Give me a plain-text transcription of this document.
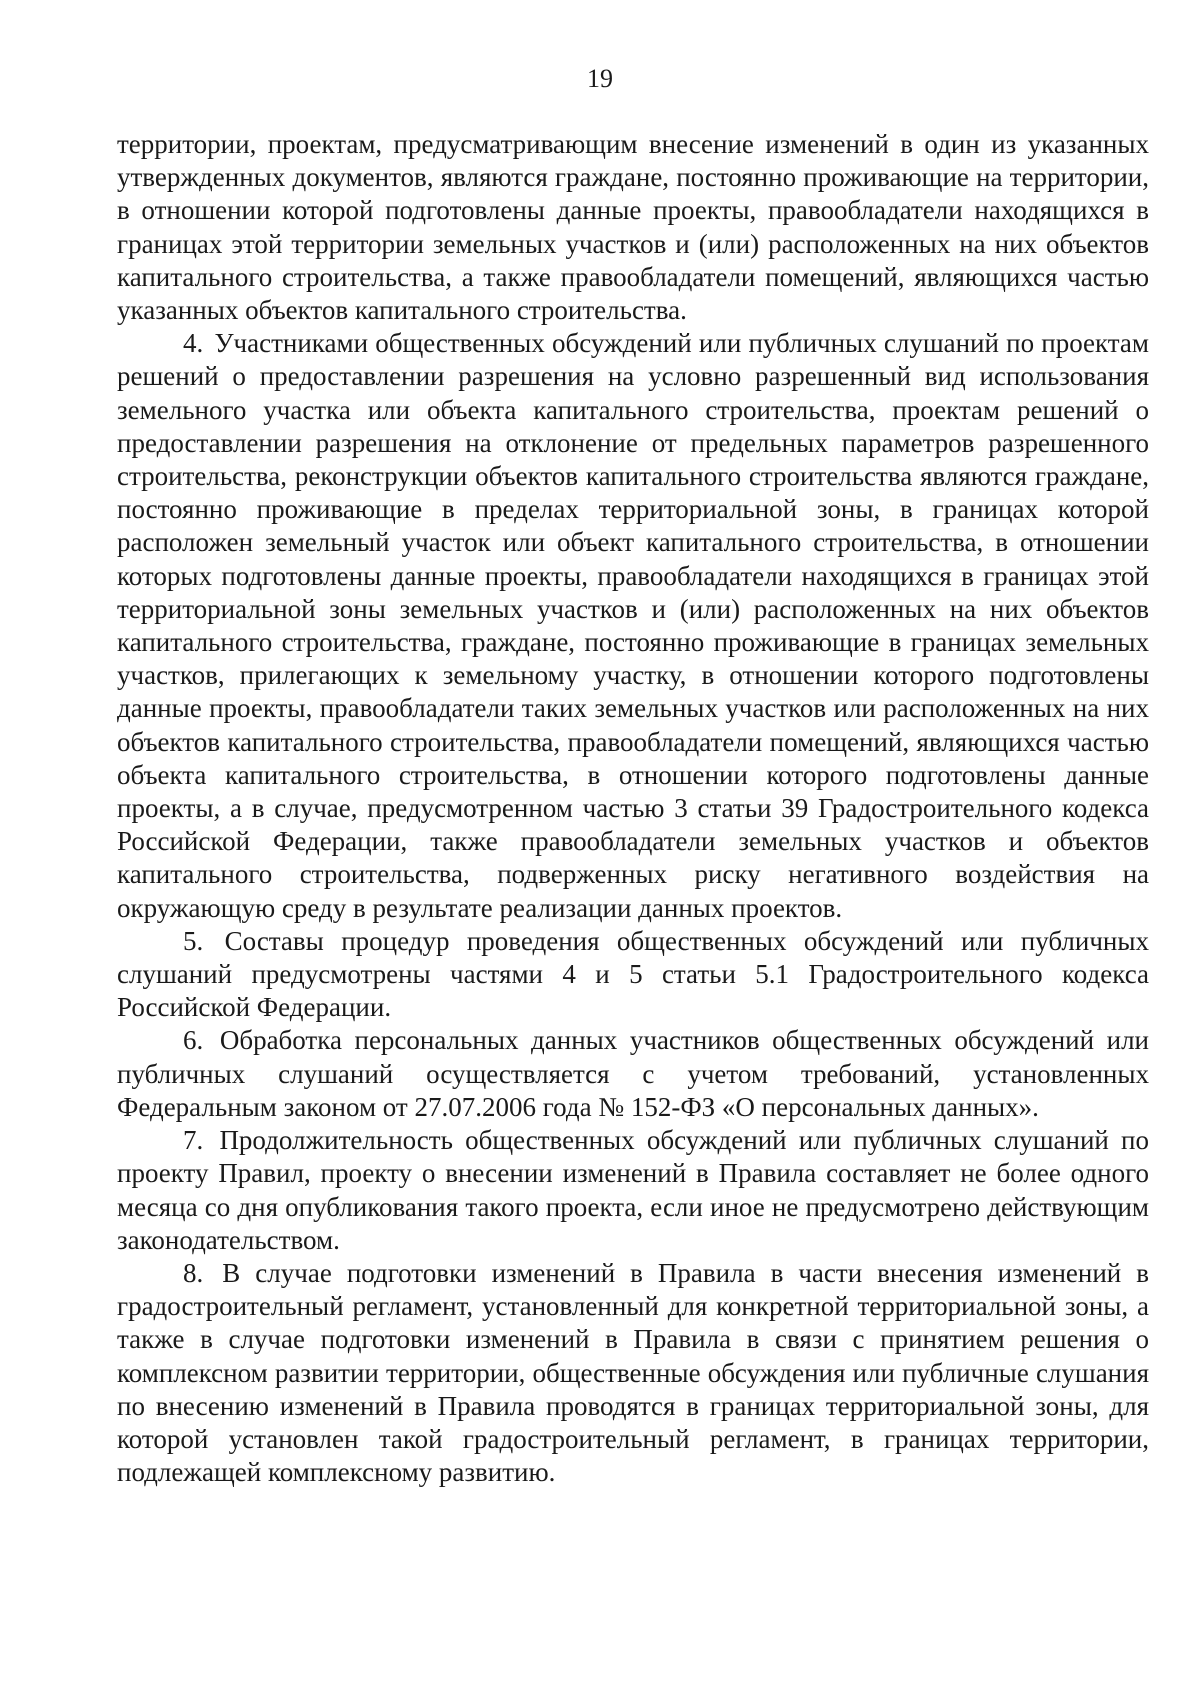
19

территории, проектам, предусматривающим внесение изменений в один из указанных утвержденных документов, являются граждане, постоянно проживающие на территории, в отношении которой подготовлены данные проекты, правообладатели находящихся в границах этой территории земельных участков и (или) расположенных на них объектов капитального строительства, а также правообладатели помещений, являющихся частью указанных объектов капитального строительства.

4. Участниками общественных обсуждений или публичных слушаний по проектам решений о предоставлении разрешения на условно разрешенный вид использования земельного участка или объекта капитального строительства, проектам решений о предоставлении разрешения на отклонение от предельных параметров разрешенного строительства, реконструкции объектов капитального строительства являются граждане, постоянно проживающие в пределах территориальной зоны, в границах которой расположен земельный участок или объект капитального строительства, в отношении которых подготовлены данные проекты, правообладатели находящихся в границах этой территориальной зоны земельных участков и (или) расположенных на них объектов капитального строительства, граждане, постоянно проживающие в границах земельных участков, прилегающих к земельному участку, в отношении которого подготовлены данные проекты, правообладатели таких земельных участков или расположенных на них объектов капитального строительства, правообладатели помещений, являющихся частью объекта капитального строительства, в отношении которого подготовлены данные проекты, а в случае, предусмотренном частью 3 статьи 39 Градостроительного кодекса Российской Федерации, также правообладатели земельных участков и объектов капитального строительства, подверженных риску негативного воздействия на окружающую среду в результате реализации данных проектов.

5. Составы процедур проведения общественных обсуждений или публичных слушаний предусмотрены частями 4 и 5 статьи 5.1 Градостроительного кодекса Российской Федерации.

6. Обработка персональных данных участников общественных обсуждений или публичных слушаний осуществляется с учетом требований, установленных Федеральным законом от 27.07.2006 года № 152-ФЗ «О персональных данных».

7. Продолжительность общественных обсуждений или публичных слушаний по проекту Правил, проекту о внесении изменений в Правила составляет не более одного месяца со дня опубликования такого проекта, если иное не предусмотрено действующим законодательством.

8. В случае подготовки изменений в Правила в части внесения изменений в градостроительный регламент, установленный для конкретной территориальной зоны, а также в случае подготовки изменений в Правила в связи с принятием решения о комплексном развитии территории, общественные обсуждения или публичные слушания по внесению изменений в Правила проводятся в границах территориальной зоны, для которой установлен такой градостроительный регламент, в границах территории, подлежащей комплексному развитию.
